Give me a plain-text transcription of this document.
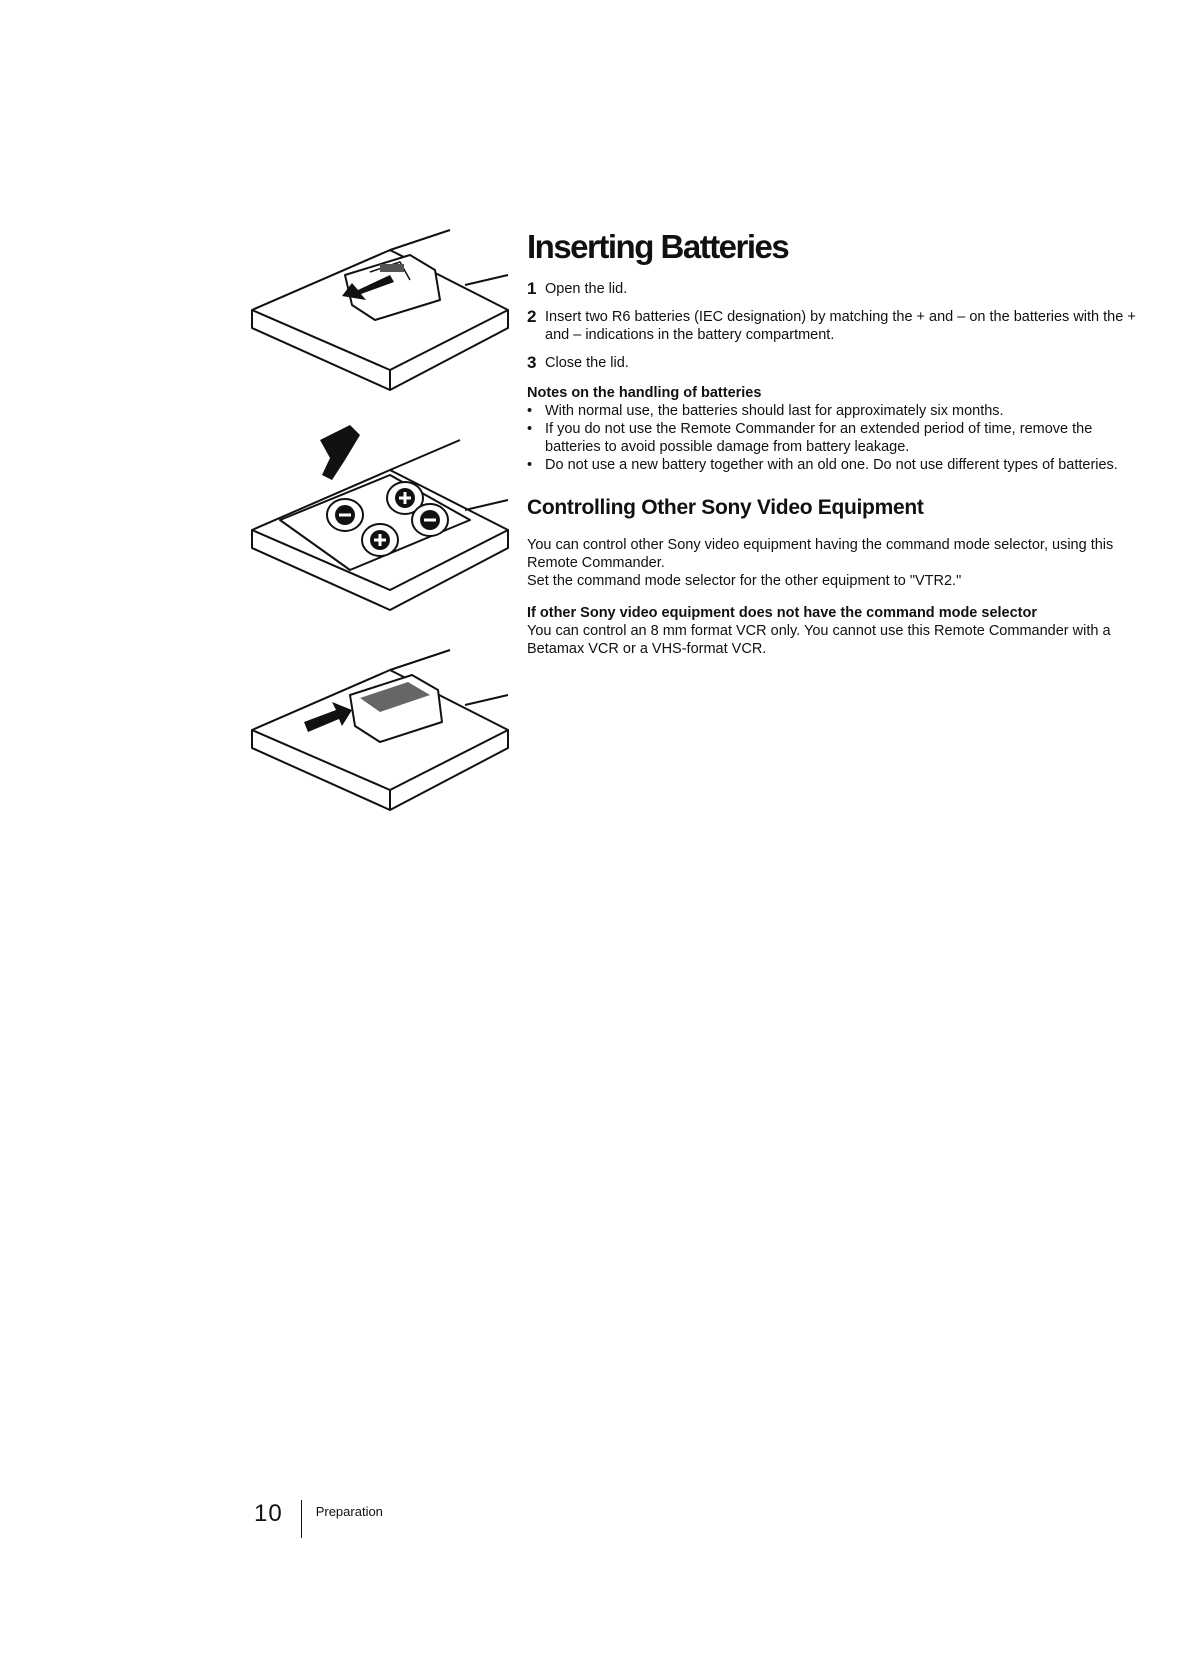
Inserting Batteries
1 Open the lid.
2 Insert two R6 batteries (IEC designation) by matching the + and – on the batteries with the + and – indications in the battery compartment.
3 Close the lid.
Notes on the handling of batteries
• With normal use, the batteries should last for approximately six months.
• If you do not use the Remote Commander for an extended period of time, remove the batteries to avoid possible damage from battery leakage.
• Do not use a new battery together with an old one. Do not use different types of batteries.
Controlling Other Sony Video Equipment

You can control other Sony video equipment having the command mode selector, using this Remote Commander.

Set the command mode selector for the other equipment to "VTR2."

If other Sony video equipment does not have the command mode selector

You can control an 8 mm format VCR only. You cannot use this Remote Commander with a Betamax VCR or a VHS-format VCR.

10	Preparation
